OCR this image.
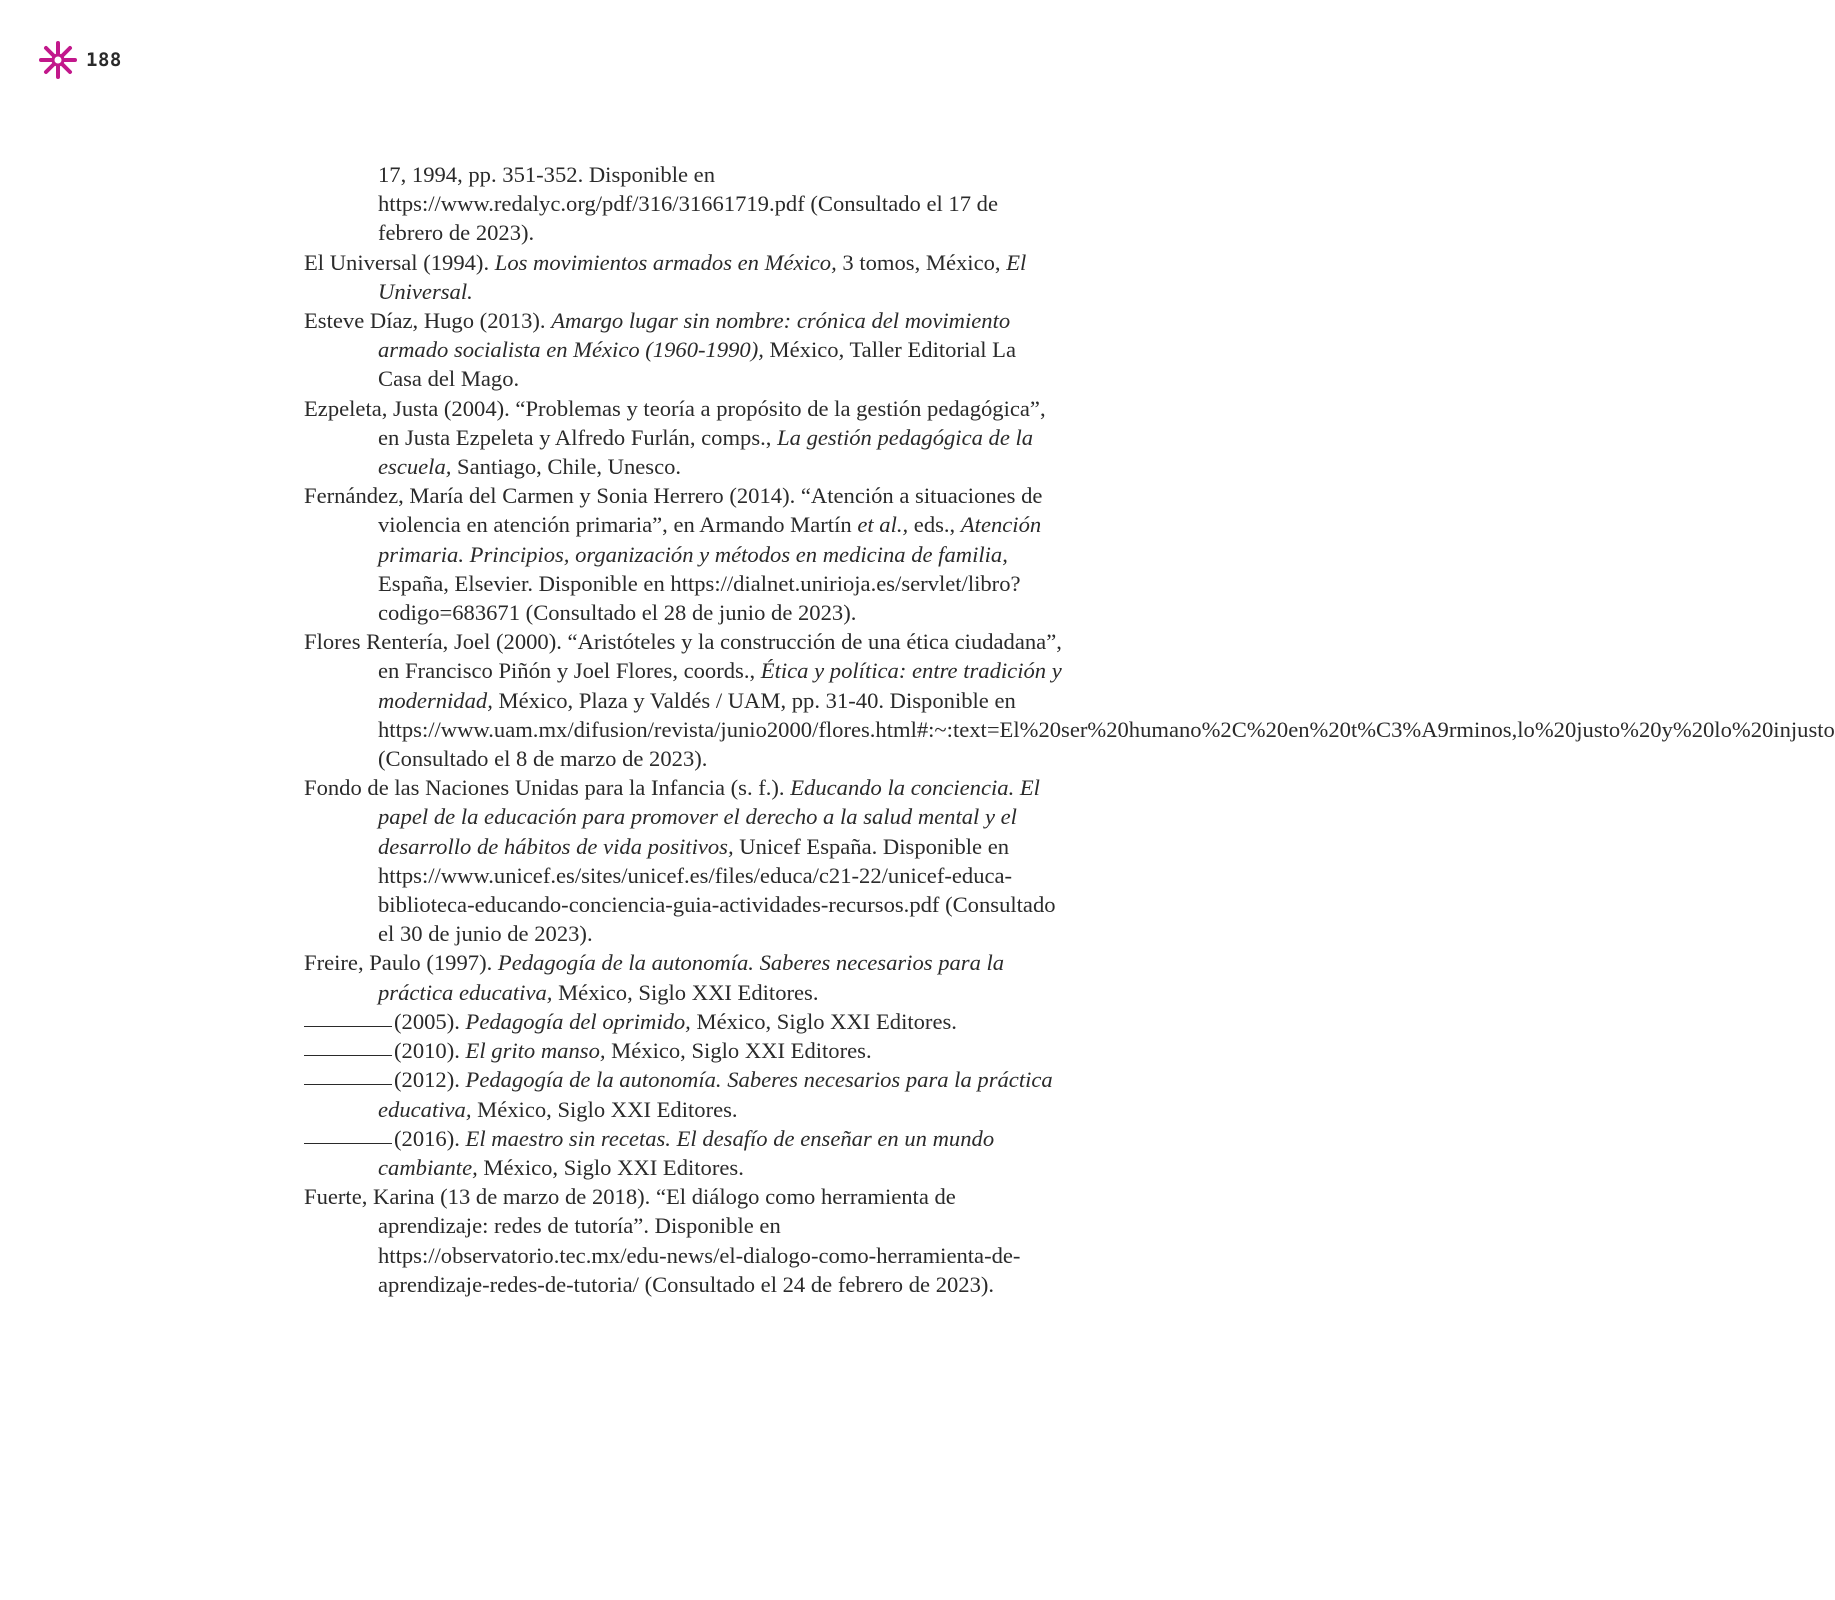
188

17, 1994, pp. 351-352. Disponible en https://www.redalyc.org/pdf/316/31661719.pdf (Consultado el 17 de febrero de 2023).

El Universal (1994). Los movimientos armados en México, 3 tomos, México, El Universal.

Esteve Díaz, Hugo (2013). Amargo lugar sin nombre: crónica del movimiento armado socialista en México (1960-1990), México, Taller Editorial La Casa del Mago.

Ezpeleta, Justa (2004). “Problemas y teoría a propósito de la gestión pedagógica”, en Justa Ezpeleta y Alfredo Furlán, comps., La gestión pedagógica de la escuela, Santiago, Chile, Unesco.

Fernández, María del Carmen y Sonia Herrero (2014). “Atención a situaciones de violencia en atención primaria”, en Armando Martín et al., eds., Atención primaria. Principios, organización y métodos en medicina de familia, España, Elsevier. Disponible en https://dialnet.unirioja.es/servlet/libro?codigo=683671 (Consultado el 28 de junio de 2023).

Flores Rentería, Joel (2000). “Aristóteles y la construcción de una ética ciudadana”, en Francisco Piñón y Joel Flores, coords., Ética y política: entre tradición y modernidad, México, Plaza y Valdés / UAM, pp. 31-40. Disponible en https://www.uam.mx/difusion/revista/junio2000/flores.html#:~:text=El%20ser%20humano%2C%20en%20t%C3%A9rminos,lo%20justo%20y%20lo%20injusto (Consultado el 8 de marzo de 2023).

Fondo de las Naciones Unidas para la Infancia (s. f.). Educando la conciencia. El papel de la educación para promover el derecho a la salud mental y el desarrollo de hábitos de vida positivos, Unicef España. Disponible en https://www.unicef.es/sites/unicef.es/files/educa/c21-22/unicef-educa-biblioteca-educando-conciencia-guia-actividades-recursos.pdf (Consultado el 30 de junio de 2023).

Freire, Paulo (1997). Pedagogía de la autonomía. Saberes necesarios para la práctica educativa, México, Siglo XXI Editores.

(2005). Pedagogía del oprimido, México, Siglo XXI Editores.

(2010). El grito manso, México, Siglo XXI Editores.

(2012). Pedagogía de la autonomía. Saberes necesarios para la práctica educativa, México, Siglo XXI Editores.

(2016). El maestro sin recetas. El desafío de enseñar en un mundo cambiante, México, Siglo XXI Editores.

Fuerte, Karina (13 de marzo de 2018). “El diálogo como herramienta de aprendizaje: redes de tutoría”. Disponible en https://observatorio.tec.mx/edu-news/el-dialogo-como-herramienta-de-aprendizaje-redes-de-tutoria/ (Consultado el 24 de febrero de 2023).
